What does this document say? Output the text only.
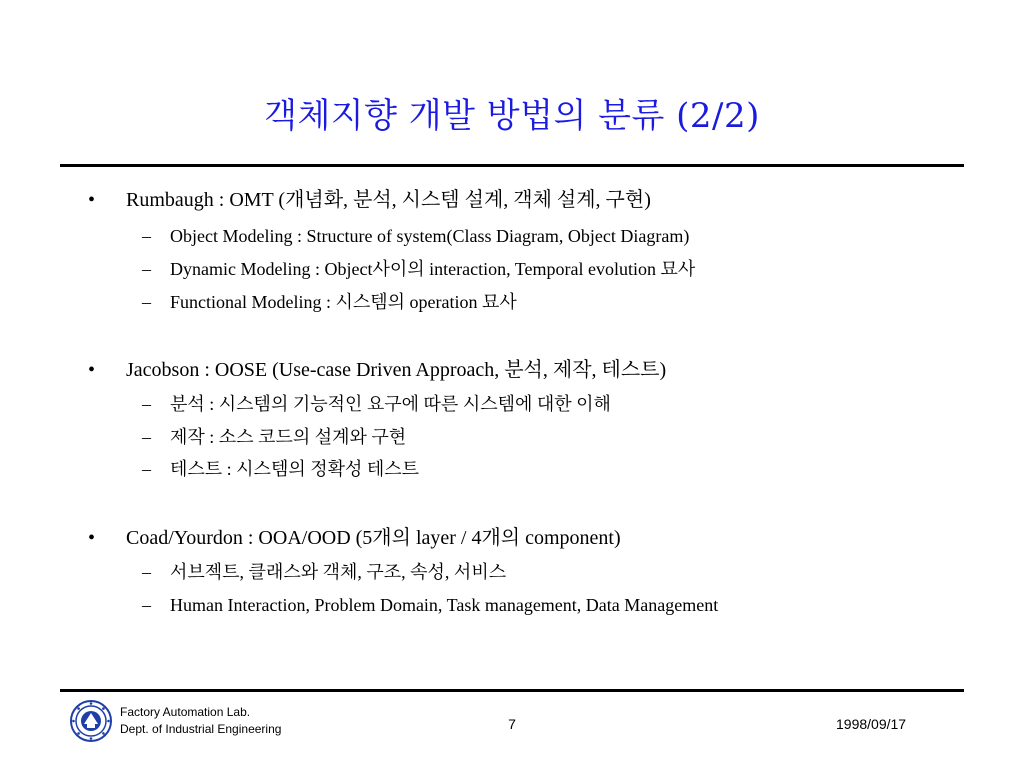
객체지향 개발 방법의 분류 (2/2)
•	Rumbaugh : OMT (개념화, 분석, 시스템 설계, 객체 설계, 구현)
– Object Modeling : Structure of system(Class Diagram, Object Diagram)
– Dynamic Modeling : Object사이의 interaction, Temporal evolution 묘사
– Functional Modeling : 시스템의 operation 묘사
•	Jacobson : OOSE (Use-case Driven Approach, 분석, 제작, 테스트)
– 분석 : 시스템의 기능적인 요구에 따른 시스템에 대한 이해
– 제작 : 소스 코드의 설계와 구현
– 테스트 : 시스템의 정확성 테스트
•	Coad/Yourdon : OOA/OOD (5개의 layer / 4개의 component)
– 서브젝트, 클래스와 객체, 구조, 속성, 서비스
– Human Interaction, Problem Domain, Task management, Data Management
Factory Automation Lab.
Dept. of Industrial Engineering	7	1998/09/17
